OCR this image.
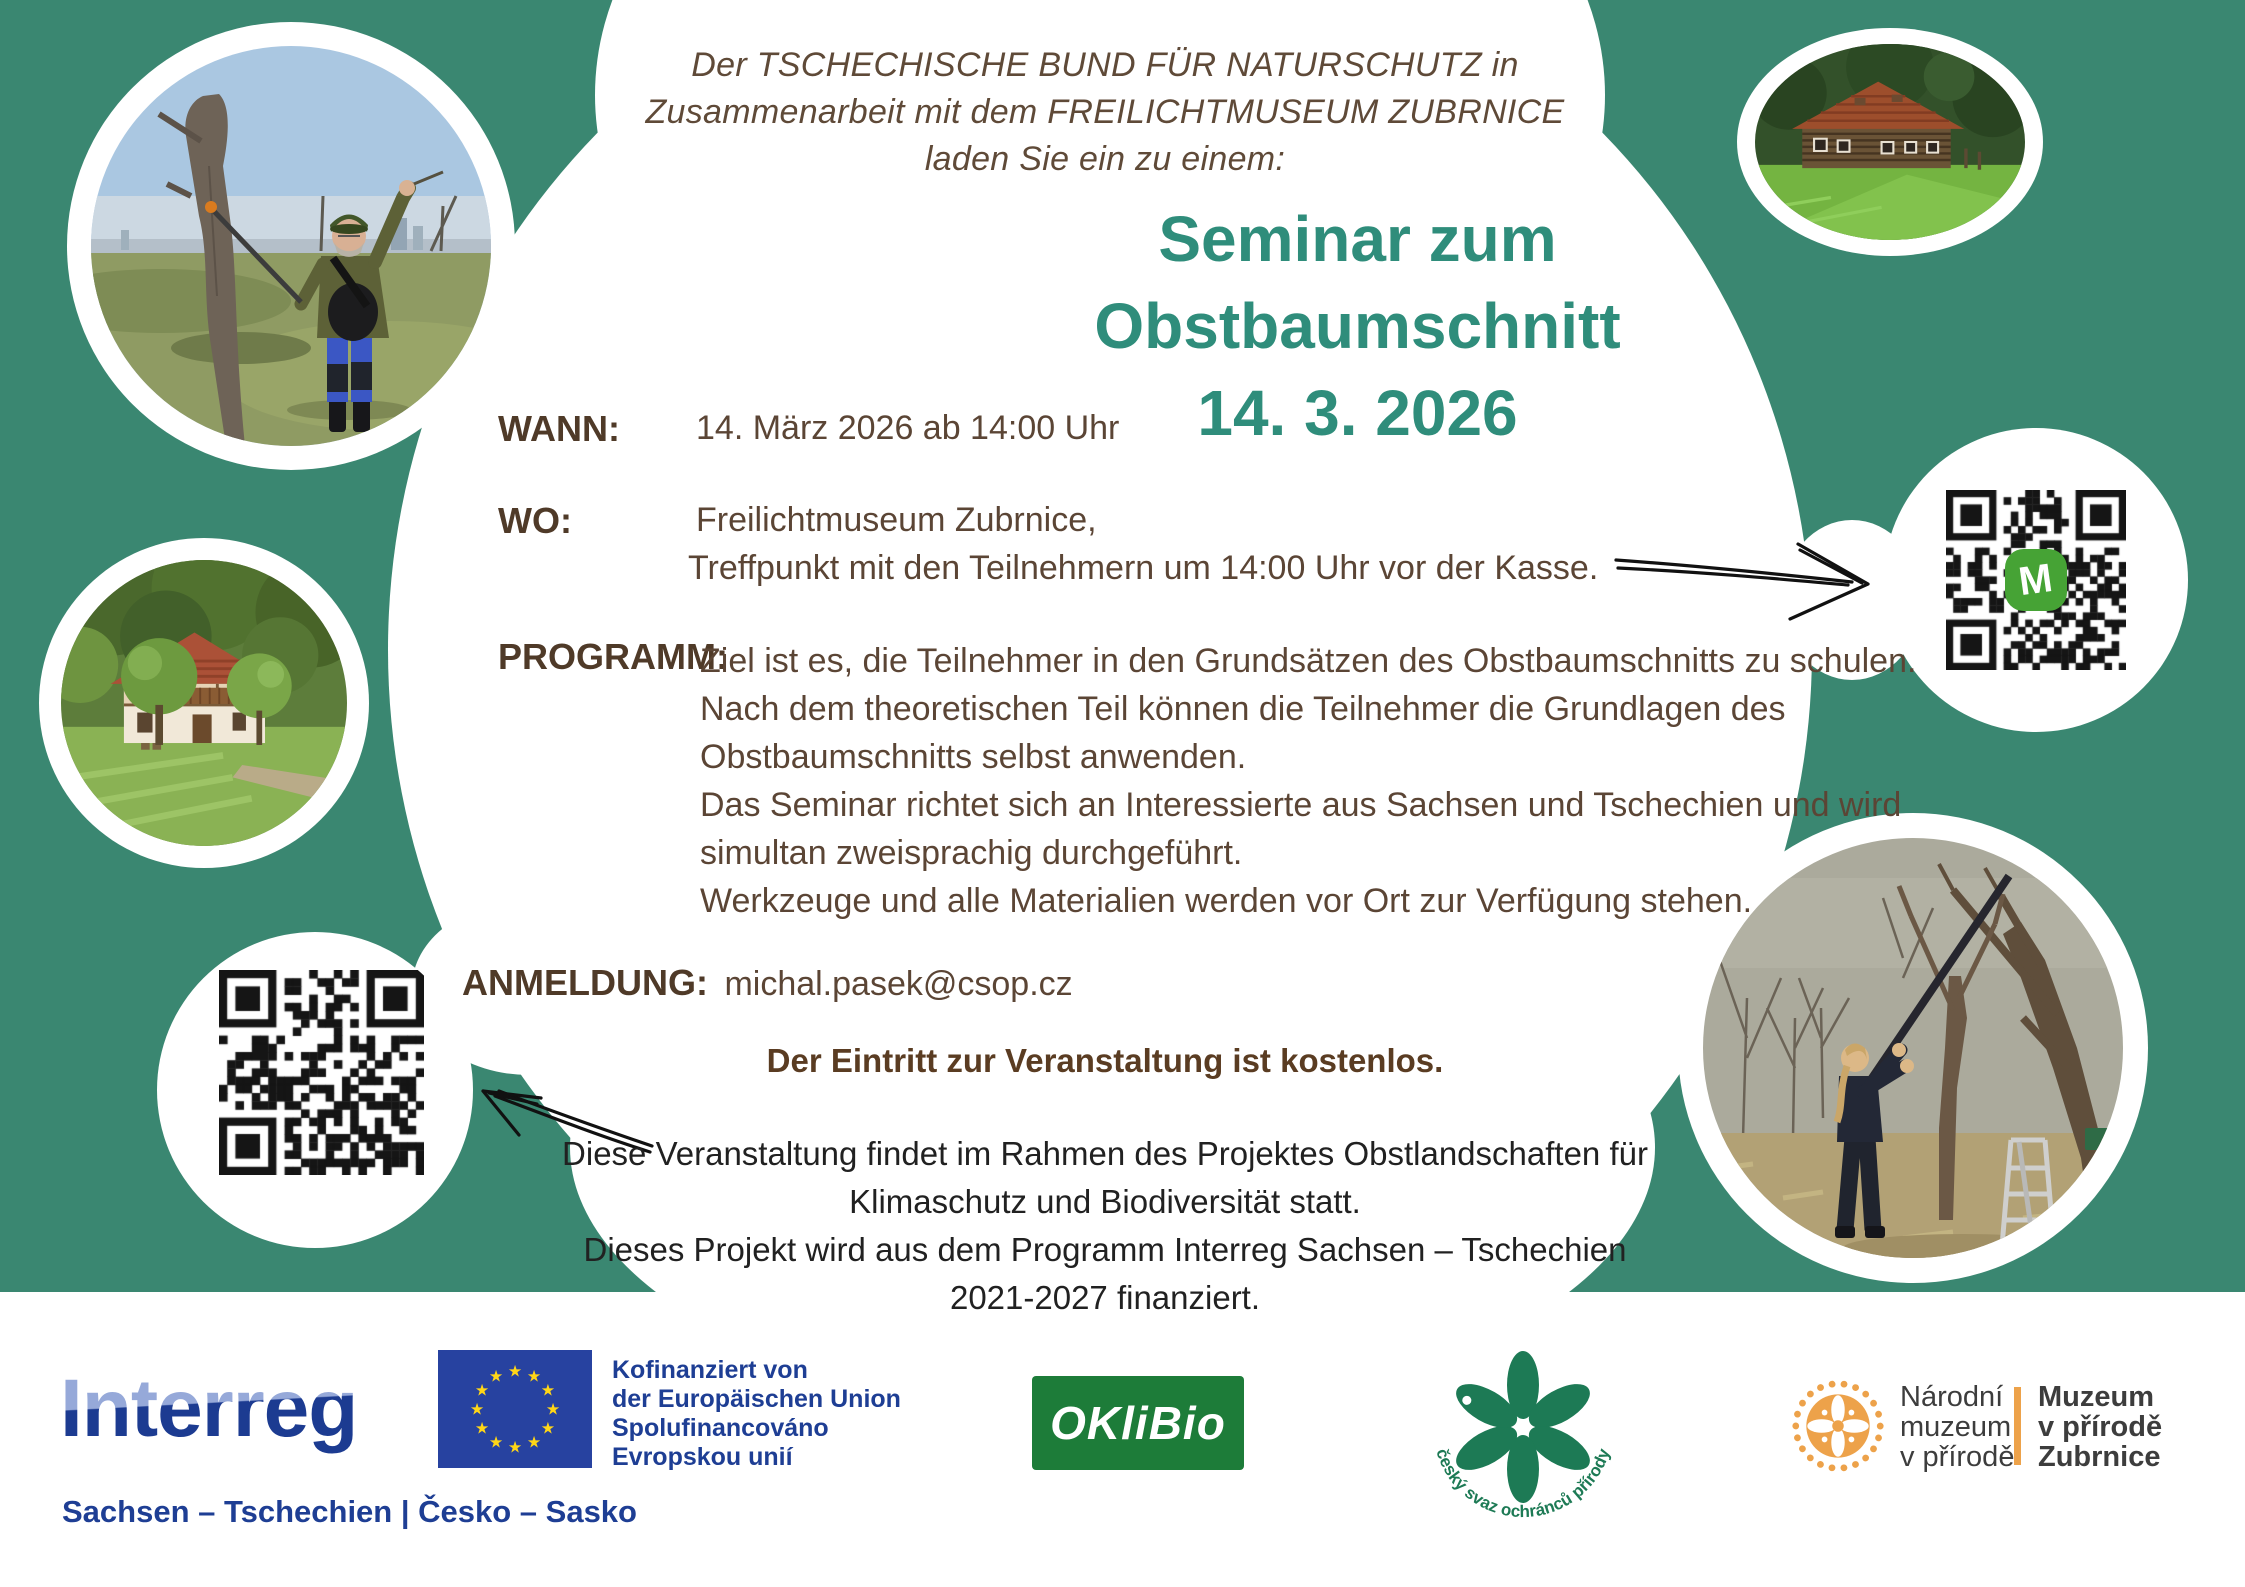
M
Der TSCHECHISCHE BUND FÜR NATURSCHUTZ in
Zusammenarbeit mit dem FREILICHTMUSEUM ZUBRNICE
laden Sie ein zu einem:
Seminar zum
Obstbaumschnitt
14. 3. 2026
WANN: 14. März 2026 ab 14:00 Uhr
WO:	Freilichtmuseum Zubrnice,
Treffpunkt mit den Teilnehmern um 14:00 Uhr vor der Kasse.
PROGRAMM:
Ziel ist es, die Teilnehmer in den Grundsätzen des Obstbaumschnitts zu schulen.
Nach dem theoretischen Teil können die Teilnehmer die Grundlagen des
Obstbaumschnitts selbst anwenden.
Das Seminar richtet sich an Interessierte aus Sachsen und Tschechien und wird
simultan zweisprachig durchgeführt.
Werkzeuge und alle Materialien werden vor Ort zur Verfügung stehen.
ANMELDUNG: michal.pasek@csop.cz
Der Eintritt zur Veranstaltung ist kostenlos.
Diese Veranstaltung findet im Rahmen des Projektes Obstlandschaften für
Klimaschutz und Biodiversität statt.
Dieses Projekt wird aus dem Programm Interreg Sachsen – Tschechien
2021-2027 finanziert.
Interreg	★ ★
★
★
★
★
★
★
★
★
★
★	Kofinanziert von
der Europäischen Union
Spolufinancováno
Evropskou unií
Sachsen – Tschechien | Česko – Sasko
OKliBio
český svaz ochránců přírody
Národní
muzeum
v přírodě
Muzeum
v přírodě
Zubrnice
